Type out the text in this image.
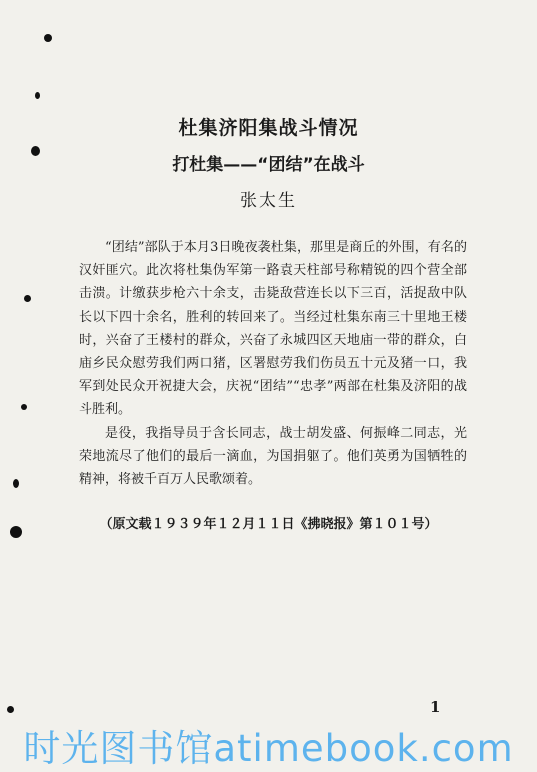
杜集济阳集战斗情况
打杜集——“团结”在战斗
张太生

“团结”部队于本月3日晚夜袭杜集，那里是商丘的外围，有名的汉奸匪穴。此次将杜集伪军第一路袁天柱部号称精锐的四个营全部击溃。计缴获步枪六十余支，击毙敌营连长以下三百，活捉敌中队长以下四十余名，胜利的转回来了。当经过杜集东南三十里地王楼时，兴奋了王楼村的群众，兴奋了永城四区天地庙一带的群众，白庙乡民众慰劳我们两口猪，区署慰劳我们伤员五十元及猪一口，我军到处民众开祝捷大会，庆祝“团结”“忠孝”两部在杜集及济阳的战斗胜利。

是役，我指导员于含长同志，战士胡发盛、何振峰二同志，光荣地流尽了他们的最后一滴血，为国捐躯了。他们英勇为国牺牲的精神，将被千百万人民歌颂着。

（原文载１９３９年１２月１１日《拂晓报》第１０１号）
1
时光图书馆atimebook.com
